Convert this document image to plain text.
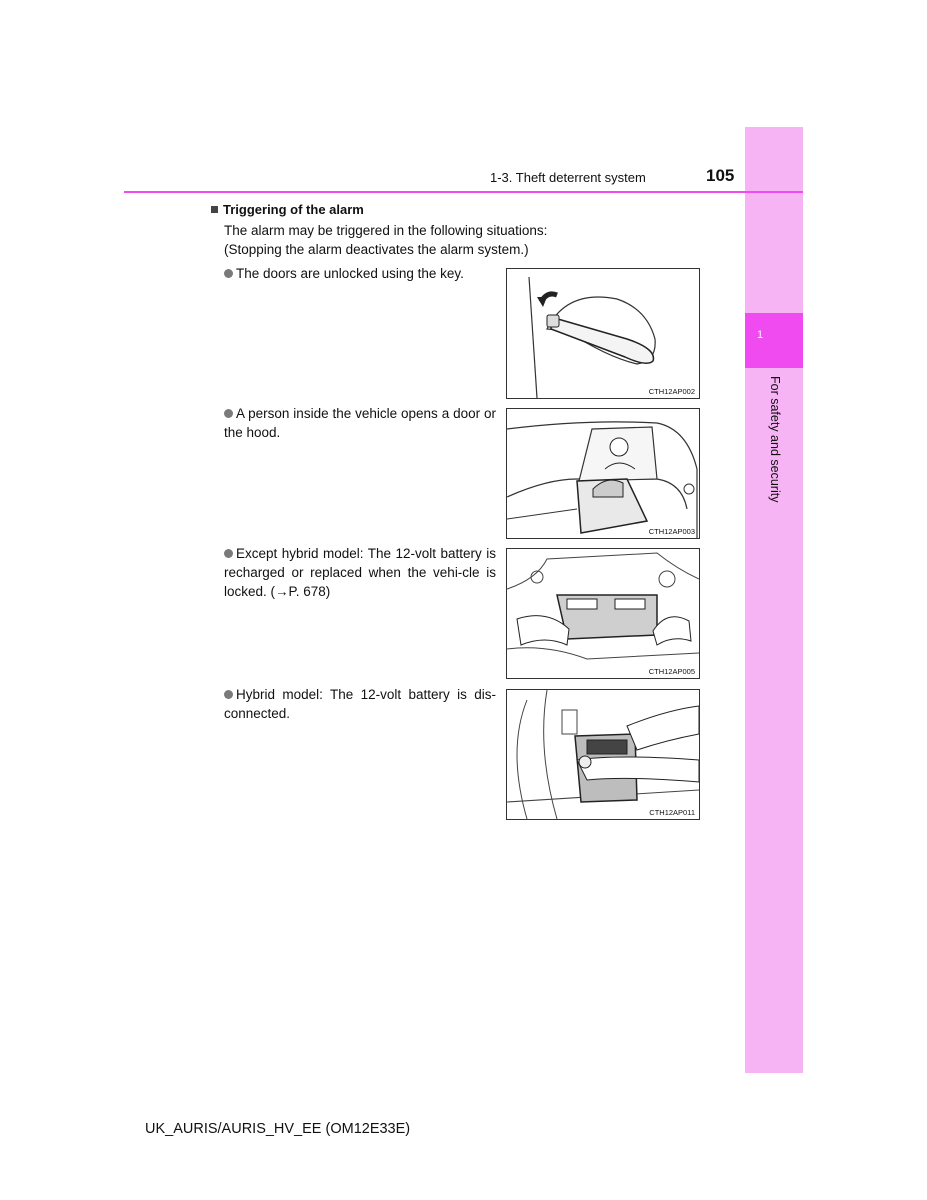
1
For safety and security
1-3. Theft deterrent system	105
Triggering of the alarm
The alarm may be triggered in the following situations:
(Stopping the alarm deactivates the alarm system.)
The doors are unlocked using the key.
CTH12AP002
A person inside the vehicle opens a door or the hood.
CTH12AP003
Except hybrid model: The 12-volt battery is recharged or replaced when the vehi-cle is locked. (→P. 678)
CTH12AP005
Hybrid model: The 12-volt battery is dis-connected.
CTH12AP011
UK_AURIS/AURIS_HV_EE (OM12E33E)
